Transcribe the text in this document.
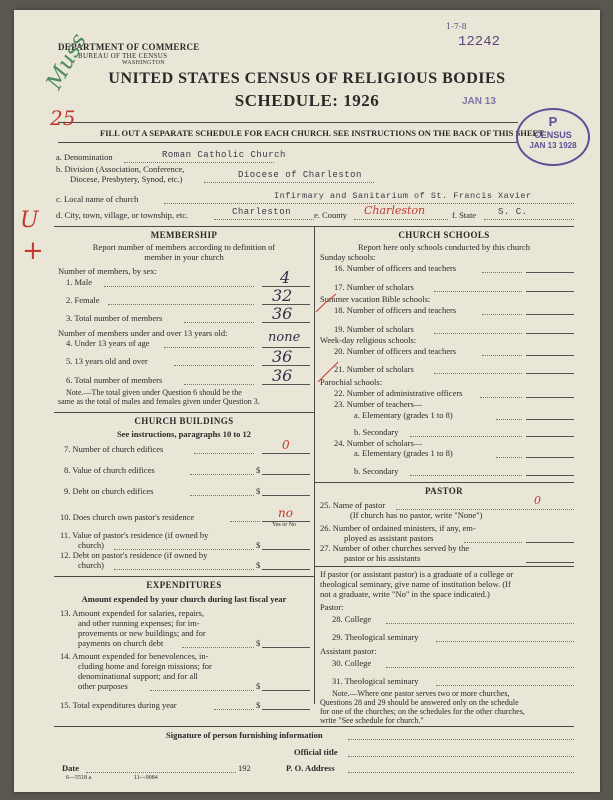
DEPARTMENT OF COMMERCE
BUREAU OF THE CENSUS
WASHINGTON
UNITED STATES CENSUS OF RELIGIOUS BODIES
SCHEDULE: 1926
1-7-8
12242
FILL OUT A SEPARATE SCHEDULE FOR EACH CHURCH. SEE INSTRUCTIONS ON THE BACK OF THIS SHEET
JAN 13
P
CENSUS
JAN 13 1928
Muss
25
U
+
a. Denomination	Roman Catholic Church
b. Division (Association, Conference,
Diocese, Presbytery, Synod, etc.)	Diocese of Charleston
c. Local name of church	Infirmary and Sanitarium of St. Francis Xavier
d. City, town, village, or township, etc.	Charleston	e. County Charleston	f. State S. C.
MEMBERSHIP
Report number of members according to definition of
member in your church
Number of members, by sex:
1. Male	4
2. Female	32
3. Total number of members	36
Number of members under and over 13 years old:
4. Under 13 years of age	none
5. 13 years old and over	36
6. Total number of members	36
Note.—The total given under Question 6 should be the
same as the total of males and females given under Question 3.
CHURCH BUILDINGS
See instructions, paragraphs 10 to 12
7. Number of church edifices	0
8. Value of church edifices	$
9. Debt on church edifices	$
10. Does church own pastor's residence	no
Yes or No
11. Value of pastor's residence (if owned by
church)	$
12. Debt on pastor's residence (if owned by
church)	$
EXPENDITURES
Amount expended by your church during last fiscal year
13. Amount expended for salaries, repairs,
and other running expenses; for im-
provements or new buildings; and for
payments on church debt	$
14. Amount expended for benevolences, in-
cluding home and foreign missions; for
denominational support; and for all
other purposes	$
15. Total expenditures during year	$
CHURCH SCHOOLS
Report here only schools conducted by this church
Sunday schools:
16. Number of officers and teachers
17. Number of scholars
Summer vacation Bible schools:
18. Number of officers and teachers
19. Number of scholars
Week-day religious schools:
20. Number of officers and teachers
21. Number of scholars
Parochial schools:
22. Number of administrative officers
23. Number of teachers—
a. Elementary (grades 1 to 8)
b. Secondary
24. Number of scholars—
a. Elementary (grades 1 to 8)
b. Secondary
PASTOR
25. Name of pastor	0
(If church has no pastor, write "None")
26. Number of ordained ministers, if any, em-
ployed as assistant pastors
27. Number of other churches served by the
pastor or his assistants
If pastor (or assistant pastor) is a graduate of a college or
theological seminary, give name of institution below. (If
not a graduate, write "No" in the space indicated.)
Pastor:
28. College
29. Theological seminary
Assistant pastor:
30. College
31. Theological seminary
Note.—Where one pastor serves two or more churches,
Questions 28 and 29 should be answered only on the schedule
for one of the churches; on the schedules for the other churches,
write "See schedule for church."
Signature of person furnishing information
Official title
Date	192	P. O. Address
6—5518 a	11—9084
